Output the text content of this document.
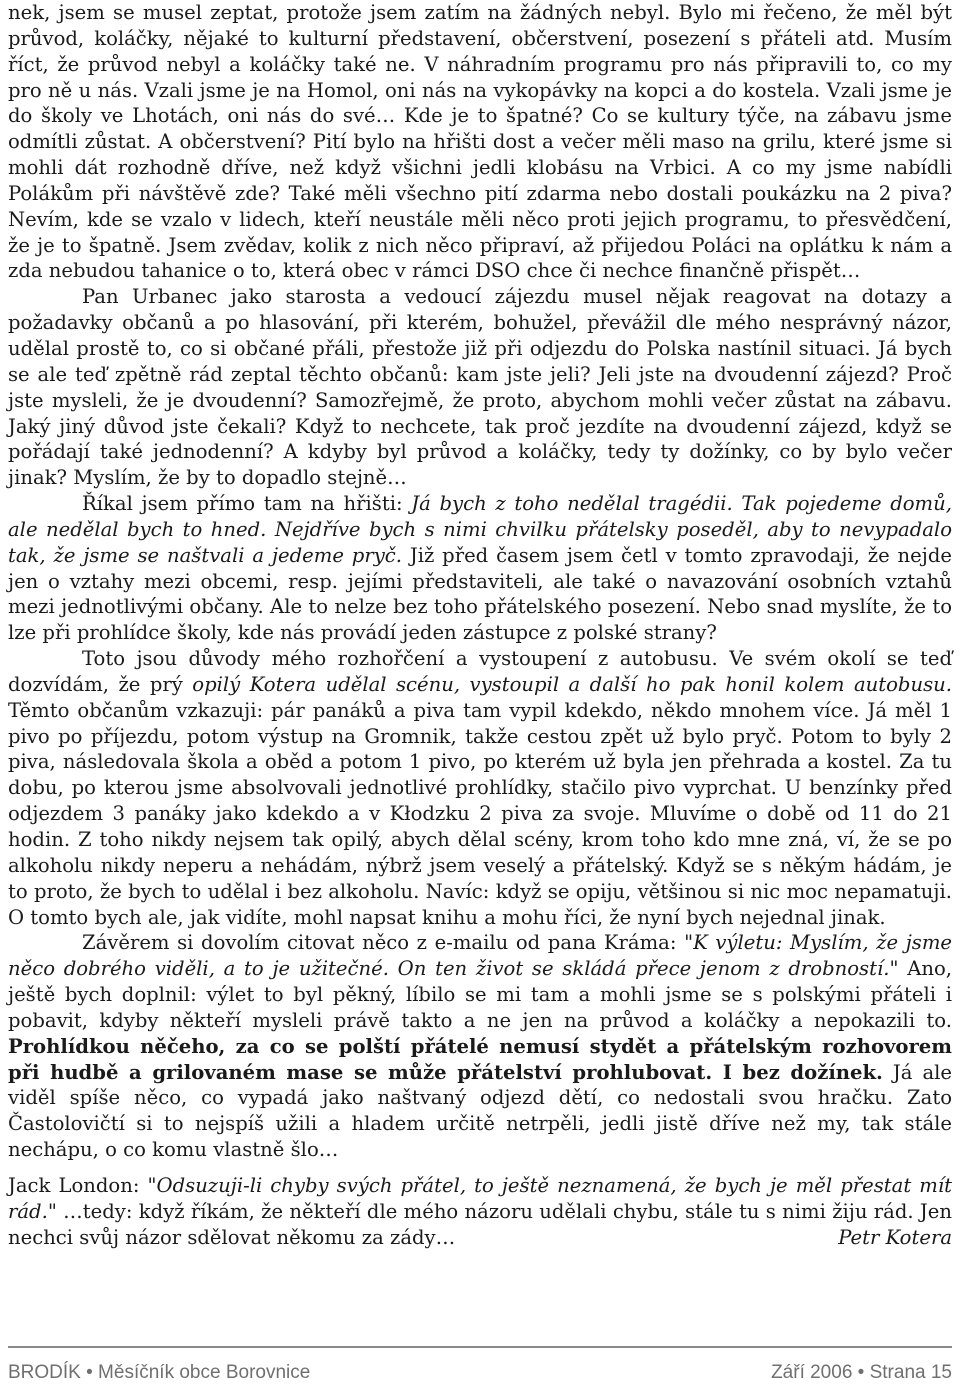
nek, jsem se musel zeptat, protože jsem zatím na žádných nebyl. Bylo mi řečeno, že měl být průvod, koláčky, nějaké to kulturní představení, občerstvení, posezení s přáteli atd. Musím říct, že průvod nebyl a koláčky také ne. V náhradním programu pro nás připravili to, co my pro ně u nás. Vzali jsme je na Homol, oni nás na vykopávky na kopci a do kostela. Vzali jsme je do školy ve Lhotách, oni nás do své… Kde je to špatné? Co se kultury týče, na zábavu jsme odmítli zůstat. A občerstvení? Pití bylo na hřišti dost a večer měli maso na grilu, které jsme si mohli dát rozhodně dříve, než když všichni jedli klobásu na Vrbici. A co my jsme nabídli Polákům při návštěvě zde? Také měli všechno pití zdarma nebo dostali poukázku na 2 piva? Nevím, kde se vzalo v lidech, kteří neustále měli něco proti jejich programu, to přesvědčení, že je to špatně. Jsem zvědav, kolik z nich něco připraví, až přijedou Poláci na oplátku k nám a zda nebudou tahanice o to, která obec v rámci DSO chce či nechce finančně přispět…

Pan Urbanec jako starosta a vedoucí zájezdu musel nějak reagovat na dotazy a požadavky občanů a po hlasování, při kterém, bohužel, převážil dle mého nesprávný názor, udělal prostě to, co si občané přáli, přestože již při odjezdu do Polska nastínil situaci. Já bych se ale teď zpětně rád zeptal těchto občanů: kam jste jeli? Jeli jste na dvoudenní zájezd? Proč jste mysleli, že je dvoudenní? Samozřejmě, že proto, abychom mohli večer zůstat na zábavu. Jaký jiný důvod jste čekali? Když to nechcete, tak proč jezdíte na dvoudenní zájezd, když se pořádají také jednodenní? A kdyby byl průvod a koláčky, tedy ty dožínky, co by bylo večer jinak? Myslím, že by to dopadlo stejně…

Říkal jsem přímo tam na hřišti: Já bych z toho nedělal tragédii. Tak pojedeme domů, ale nedělal bych to hned. Nejdříve bych s nimi chvilku přátelsky poseděl, aby to nevypadalo tak, že jsme se naštvali a jedeme pryč. Již před časem jsem četl v tomto zpravodaji, že nejde jen o vztahy mezi obcemi, resp. jejími představiteli, ale také o navazování osobních vztahů mezi jednotlivými občany. Ale to nelze bez toho přátelského posezení. Nebo snad myslíte, že to lze při prohlídce školy, kde nás provádí jeden zástupce z polské strany?

Toto jsou důvody mého rozhořčení a vystoupení z autobusu. Ve svém okolí se teď dozvídám, že prý opilý Kotera udělal scénu, vystoupil a další ho pak honil kolem autobusu. Těmto občanům vzkazuji: pár panáků a piva tam vypil kdekdo, někdo mnohem více. Já měl 1 pivo po příjezdu, potom výstup na Gromnik, takže cestou zpět už bylo pryč. Potom to byly 2 piva, následovala škola a oběd a potom 1 pivo, po kterém už byla jen přehrada a kostel. Za tu dobu, po kterou jsme absolvovali jednotlivé prohlídky, stačilo pivo vyprchat. U benzínky před odjezdem 3 panáky jako kdekdo a v Kłodzku 2 piva za svoje. Mluvíme o době od 11 do 21 hodin. Z toho nikdy nejsem tak opilý, abych dělal scény, krom toho kdo mne zná, ví, že se po alkoholu nikdy neperu a nehádám, nýbrž jsem veselý a přátelský. Když se s někým hádám, je to proto, že bych to udělal i bez alkoholu. Navíc: když se opiju, většinou si nic moc nepamatuji. O tomto bych ale, jak vidíte, mohl napsat knihu a mohu říci, že nyní bych nejednal jinak.

Závěrem si dovolím citovat něco z e-mailu od pana Kráma: "K výletu: Myslím, že jsme něco dobrého viděli, a to je užitečné. On ten život se skládá přece jenom z drobností." Ano, ještě bych doplnil: výlet to byl pěkný, líbilo se mi tam a mohli jsme se s polskými přáteli i pobavit, kdyby někteří mysleli právě takto a ne jen na průvod a koláčky a nepokazili to. Prohlídkou něčeho, za co se polští přátelé nemusí stydět a přátelským rozhovorem při hudbě a grilovaném mase se může přátelství prohlubovat. I bez dožínek. Já ale viděl spíše něco, co vypadá jako naštvaný odjezd dětí, co nedostali svou hračku. Zato Častolovičtí si to nejspíš užili a hladem určitě netrpěli, jedli jistě dříve než my, tak stále nechápu, o co komu vlastně šlo…

Jack London: "Odsuzuji-li chyby svých přátel, to ještě neznamená, že bych je měl přestat mít rád." …tedy: když říkám, že někteří dle mého názoru udělali chybu, stále tu s nimi žiju rád. Jen nechci svůj názor sdělovat někomu za zády…	Petr Kotera

BRODÍK • Měsíčník obce Borovnice	Září 2006 • Strana 15
